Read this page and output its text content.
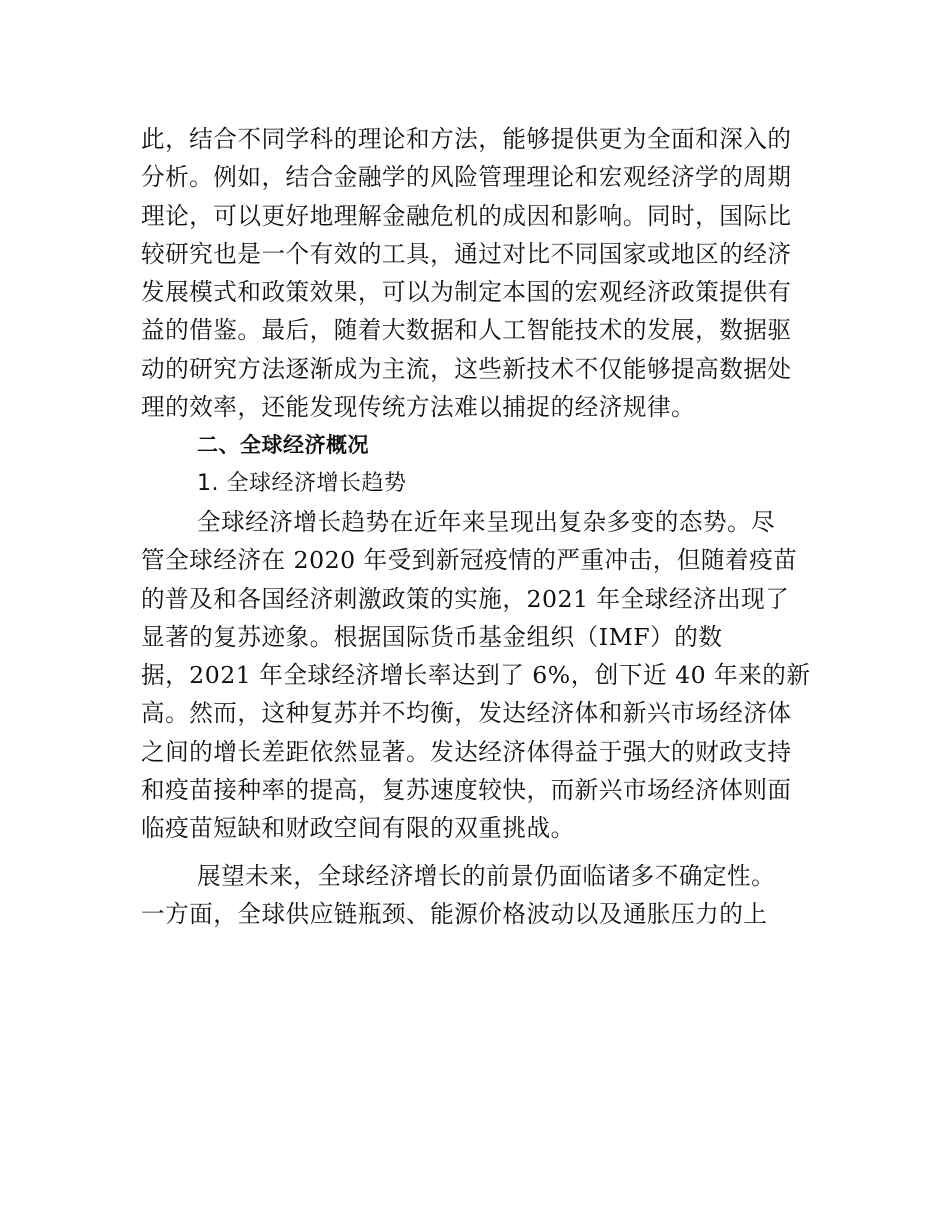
此，结合不同学科的理论和方法，能够提供更为全面和深入的
分析。例如，结合金融学的风险管理理论和宏观经济学的周期
理论，可以更好地理解金融危机的成因和影响。同时，国际比
较研究也是一个有效的工具，通过对比不同国家或地区的经济
发展模式和政策效果，可以为制定本国的宏观经济政策提供有
益的借鉴。最后，随着大数据和人工智能技术的发展，数据驱
动的研究方法逐渐成为主流，这些新技术不仅能够提高数据处
理的效率，还能发现传统方法难以捕捉的经济规律。
二、全球经济概况
1. 全球经济增长趋势
全球经济增长趋势在近年来呈现出复杂多变的态势。尽
管全球经济在 2020 年受到新冠疫情的严重冲击，但随着疫苗
的普及和各国经济刺激政策的实施，2021 年全球经济出现了
显著的复苏迹象。根据国际货币基金组织（IMF）的数
据，2021 年全球经济增长率达到了 6%，创下近 40 年来的新
高。然而，这种复苏并不均衡，发达经济体和新兴市场经济体
之间的增长差距依然显著。发达经济体得益于强大的财政支持
和疫苗接种率的提高，复苏速度较快，而新兴市场经济体则面
临疫苗短缺和财政空间有限的双重挑战。
展望未来，全球经济增长的前景仍面临诸多不确定性。
一方面，全球供应链瓶颈、能源价格波动以及通胀压力的上
